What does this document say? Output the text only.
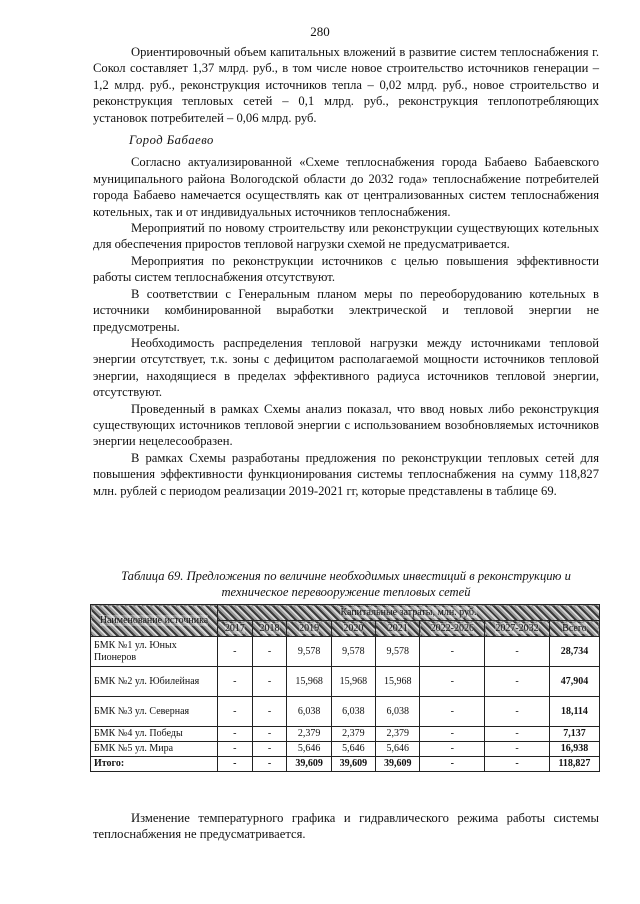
280

Ориентировочный объем капитальных вложений в развитие систем теплоснабжения г. Сокол составляет 1,37 млрд. руб., в том числе новое строительство источников генерации – 1,2 млрд. руб., реконструкция источников тепла – 0,02 млрд. руб., новое строительство и реконструкция тепловых сетей – 0,1 млрд. руб., реконструкция теплопотребляющих установок потребителей – 0,06 млрд. руб.

Город Бабаево

Согласно актуализированной «Схеме теплоснабжения города Бабаево Бабаевского муниципального района Вологодской области до 2032 года» теплоснабжение потребителей города Бабаево намечается осуществлять как от централизованных систем теплоснабжения котельных, так и от индивидуальных источников теплоснабжения.

Мероприятий по новому строительству или реконструкции существующих котельных для обеспечения приростов тепловой нагрузки схемой не предусматривается.

Мероприятия по реконструкции источников с целью повышения эффективности работы систем теплоснабжения отсутствуют.

В соответствии с Генеральным планом меры по переоборудованию котельных в источники комбинированной выработки электрической и тепловой энергии не предусмотрены.

Необходимость распределения тепловой нагрузки между источниками тепловой энергии отсутствует, т.к. зоны с дефицитом располагаемой мощности источников тепловой энергии, находящиеся в пределах эффективного радиуса источников тепловой энергии, отсутствуют.

Проведенный в рамках Схемы анализ показал, что ввод новых либо реконструкция существующих источников тепловой энергии с использованием возобновляемых источников энергии нецелесообразен.

В рамках Схемы разработаны предложения по реконструкции тепловых сетей для повышения эффективности функционирования системы теплоснабжения на сумму 118,827 млн. рублей с периодом реализации 2019-2021 гг, которые представлены в таблице 69.

Таблица 69. Предложения по величине необходимых инвестиций в реконструкцию и техническое перевооружение тепловых сетей
Наименование источника	Капитальные затраты, млн. руб.							
	2017	2018	2019	2020	2021	2022-2026	2027-2032	Всего
БМК №1 ул. Юных Пионеров	-	-	9,578	9,578	9,578	-	-	28,734
БМК №2 ул. Юбилейная	-	-	15,968	15,968	15,968	-	-	47,904
БМК №3 ул. Северная	-	-	6,038	6,038	6,038	-	-	18,114
БМК №4 ул. Победы	-	-	2,379	2,379	2,379	-	-	7,137
БМК №5 ул. Мира	-	-	5,646	5,646	5,646	-	-	16,938
Итого:	-	-	39,609	39,609	39,609	-	-	118,827

Изменение температурного графика и гидравлического режима работы системы теплоснабжения не предусматривается.
